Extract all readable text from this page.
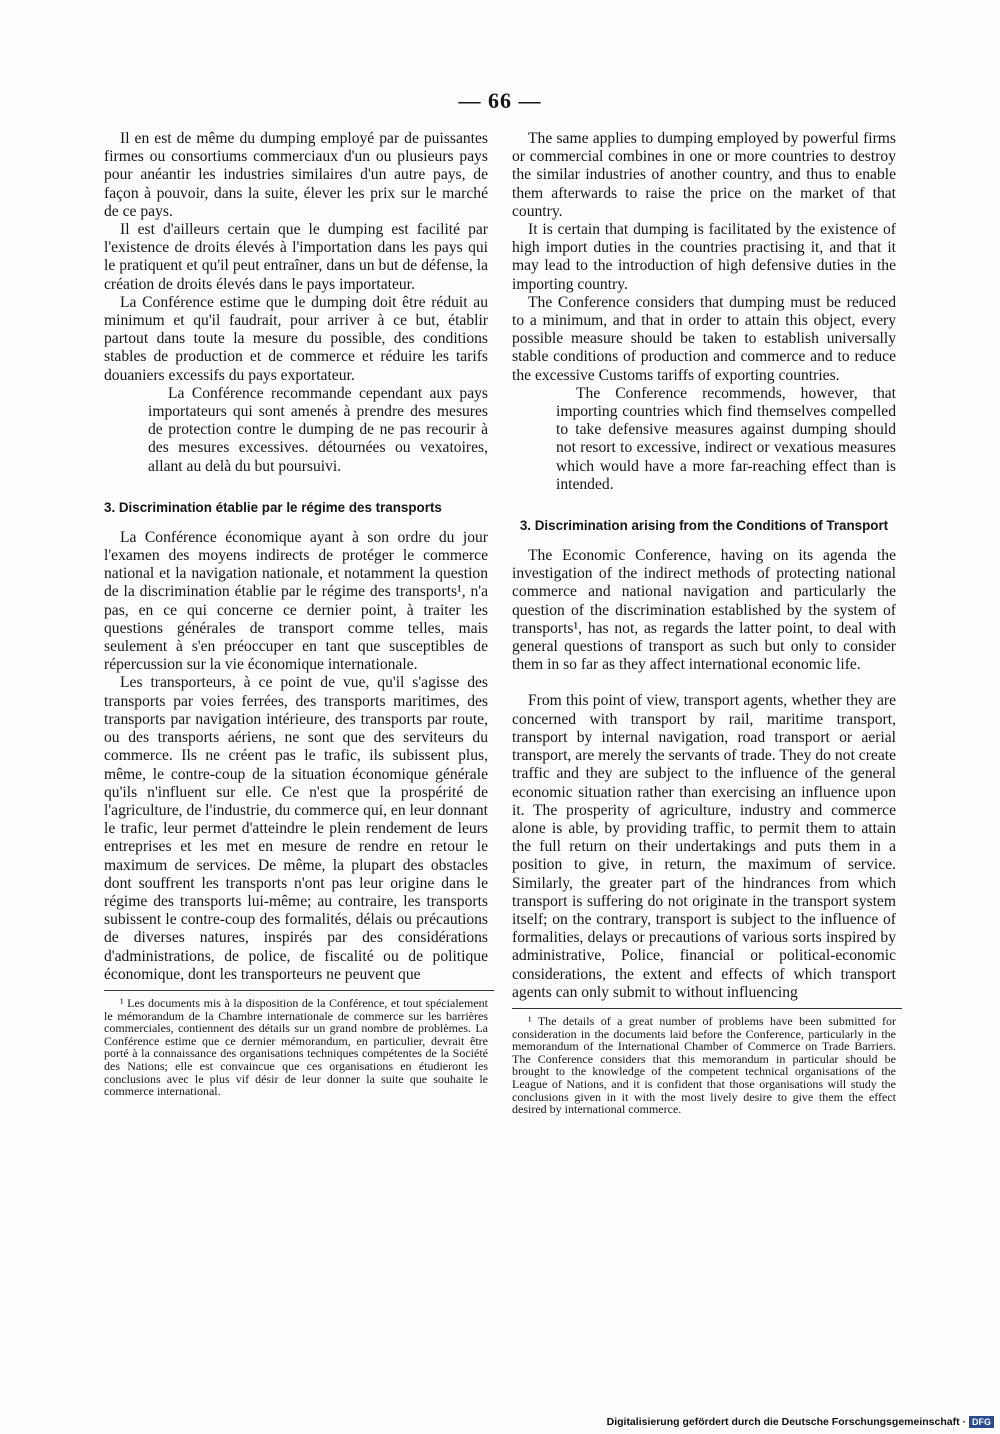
— 66 —

Il en est de même du dumping employé par de puissantes firmes ou consortiums commerciaux d'un ou plusieurs pays pour anéantir les industries similaires d'un autre pays, de façon à pouvoir, dans la suite, élever les prix sur le marché de ce pays.

Il est d'ailleurs certain que le dumping est facilité par l'existence de droits élevés à l'importation dans les pays qui le pratiquent et qu'il peut entraîner, dans un but de défense, la création de droits élevés dans le pays importateur.

La Conférence estime que le dumping doit être réduit au minimum et qu'il faudrait, pour arriver à ce but, établir partout dans toute la mesure du possible, des conditions stables de production et de commerce et réduire les tarifs douaniers excessifs du pays exportateur.

La Conférence recommande cependant aux pays importateurs qui sont amenés à prendre des mesures de protection contre le dumping de ne pas recourir à des mesures excessives. détournées ou vexatoires, allant au delà du but poursuivi.

3. Discrimination établie par le régime des transports

La Conférence économique ayant à son ordre du jour l'examen des moyens indirects de protéger le commerce national et la navigation nationale, et notamment la question de la discrimination établie par le régime des transports¹, n'a pas, en ce qui concerne ce dernier point, à traiter les questions générales de transport comme telles, mais seulement à s'en préoccuper en tant que susceptibles de répercussion sur la vie économique internationale.

Les transporteurs, à ce point de vue, qu'il s'agisse des transports par voies ferrées, des transports maritimes, des transports par navigation intérieure, des transports par route, ou des transports aériens, ne sont que des serviteurs du commerce. Ils ne créent pas le trafic, ils subissent plus, même, le contre-coup de la situation économique générale qu'ils n'influent sur elle. Ce n'est que la prospérité de l'agriculture, de l'industrie, du commerce qui, en leur donnant le trafic, leur permet d'atteindre le plein rendement de leurs entreprises et les met en mesure de rendre en retour le maximum de services. De même, la plupart des obstacles dont souffrent les transports n'ont pas leur origine dans le régime des transports lui-même; au contraire, les transports subissent le contre-coup des formalités, délais ou précautions de diverses natures, inspirés par des considérations d'administrations, de police, de fiscalité ou de politique économique, dont les transporteurs ne peuvent que

¹ Les documents mis à la disposition de la Conférence, et tout spécialement le mémorandum de la Chambre internationale de commerce sur les barrières commerciales, contiennent des détails sur un grand nombre de problèmes. La Conférence estime que ce dernier mémorandum, en particulier, devrait être porté à la connaissance des organisations techniques compétentes de la Société des Nations; elle est convaincue que ces organisations en étudieront les conclusions avec le plus vif désir de leur donner la suite que souhaite le commerce international.

The same applies to dumping employed by powerful firms or commercial combines in one or more countries to destroy the similar industries of another country, and thus to enable them afterwards to raise the price on the market of that country.

It is certain that dumping is facilitated by the existence of high import duties in the countries practising it, and that it may lead to the introduction of high defensive duties in the importing country.

The Conference considers that dumping must be reduced to a minimum, and that in order to attain this object, every possible measure should be taken to establish universally stable conditions of production and commerce and to reduce the excessive Customs tariffs of exporting countries.

The Conference recommends, however, that importing countries which find themselves compelled to take defensive measures against dumping should not resort to excessive, indirect or vexatious measures which would have a more far-reaching effect than is intended.

3. Discrimination arising from the Conditions of Transport

The Economic Conference, having on its agenda the investigation of the indirect methods of protecting national commerce and national navigation and particularly the question of the discrimination established by the system of transports¹, has not, as regards the latter point, to deal with general questions of transport as such but only to consider them in so far as they affect international economic life.

From this point of view, transport agents, whether they are concerned with transport by rail, maritime transport, transport by internal navigation, road transport or aerial transport, are merely the servants of trade. They do not create traffic and they are subject to the influence of the general economic situation rather than exercising an influence upon it. The prosperity of agriculture, industry and commerce alone is able, by providing traffic, to permit them to attain the full return on their undertakings and puts them in a position to give, in return, the maximum of service. Similarly, the greater part of the hindrances from which transport is suffering do not originate in the transport system itself; on the contrary, transport is subject to the influence of formalities, delays or precautions of various sorts inspired by administrative, Police, financial or political-economic considerations, the extent and effects of which transport agents can only submit to without influencing

¹ The details of a great number of problems have been submitted for consideration in the documents laid before the Conference, particularly in the memorandum of the International Chamber of Commerce on Trade Barriers. The Conference considers that this memorandum in particular should be brought to the knowledge of the competent technical organisations of the League of Nations, and it is confident that those organisations will study the conclusions given in it with the most lively desire to give them the effect desired by international commerce.

Digitalisierung gefördert durch die Deutsche Forschungsgemeinschaft · DFG
